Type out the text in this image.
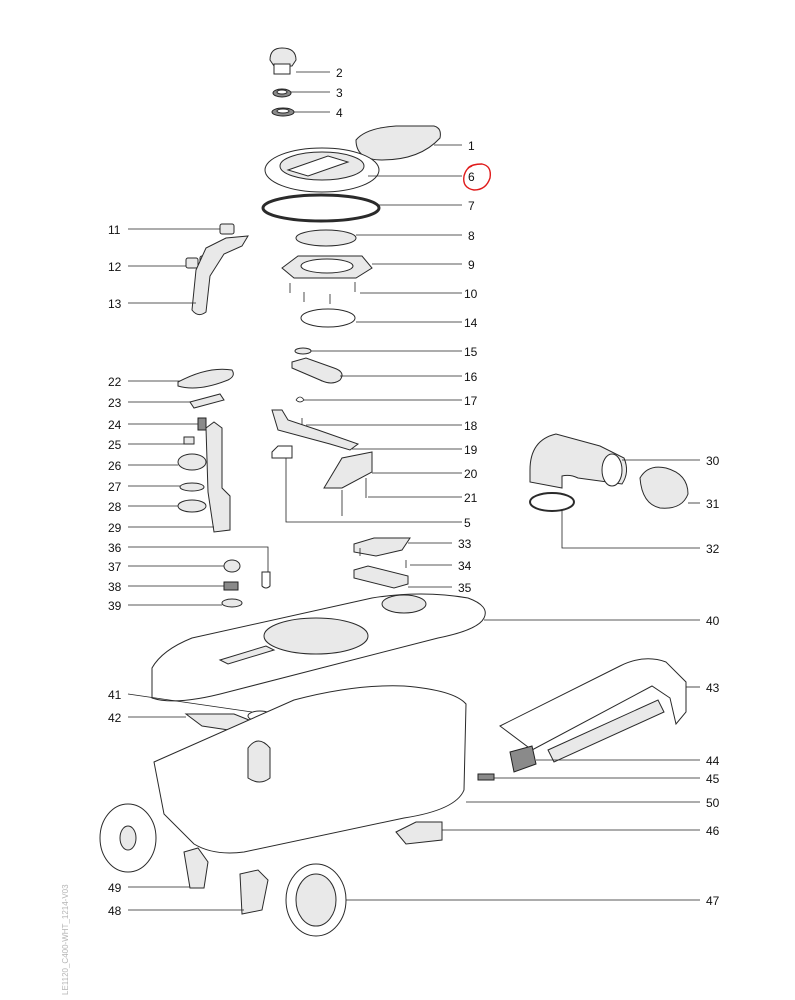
2
3
4
1
6
7
8
9
10
14
15
16
17
18
19
20
21
5
11
12
13
22
23
24
25
26
27
28
29
36
37
38
39
41
42
49
48
33
34
35
30
31
32
40
43
44
45
50
46
47
LE1120_C400-WHT_1214-V03
